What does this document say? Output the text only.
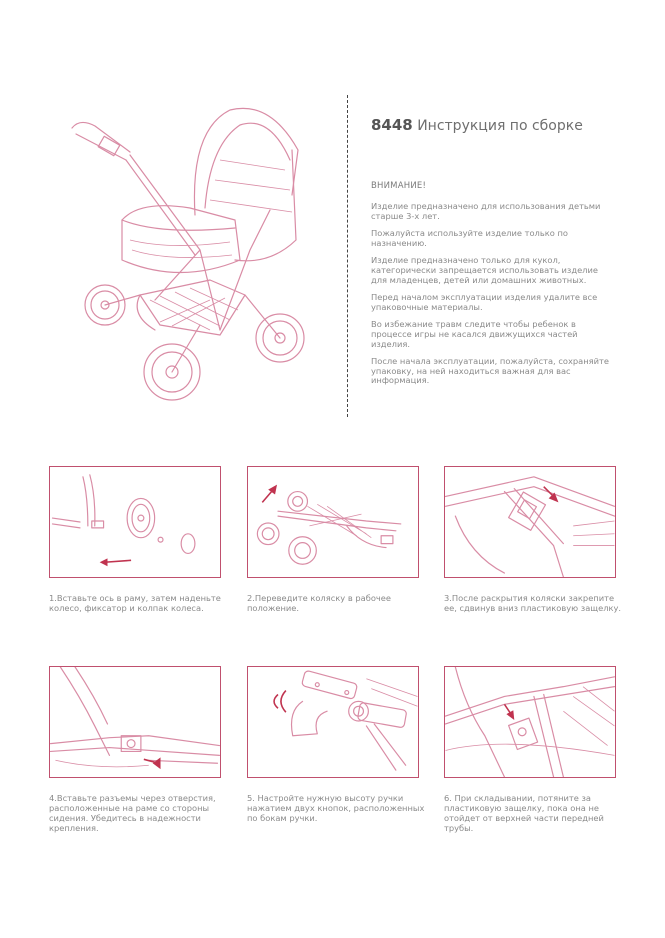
8448 Инструкция по сборке
ВНИМАНИЕ!

Изделие предназначено для использования детьми старше 3-х лет.

Пожалуйста используйте изделие только по назначению.

Изделие предназначено только для кукол, категорически запрещается использовать изделие для младенцев, детей или домашних животных.

Перед началом эксплуатации изделия удалите все упаковочные материалы.

Во избежание травм следите чтобы ребенок в процессе игры не касался движущихся частей изделия.

После начала эксплуатации, пожалуйста, сохраняйте упаковку, на ней находиться важная для вас информация.

1.Вставьте ось в раму, затем наденьте колесо, фиксатор и колпак колеса.
2.Переведите коляску в рабочее положение.
3.После раскрытия коляски закрепите ее, сдвинув вниз пластиковую защелку.
4.Вставьте разъемы через отверстия, расположенные на раме со стороны сидения. Убедитесь в надежности крепления.
5. Настройте нужную высоту ручки нажатием двух кнопок, расположенных по бокам ручки.
6. При складывании, потяните за пластиковую защелку, пока она не отойдет от верхней части передней трубы.
